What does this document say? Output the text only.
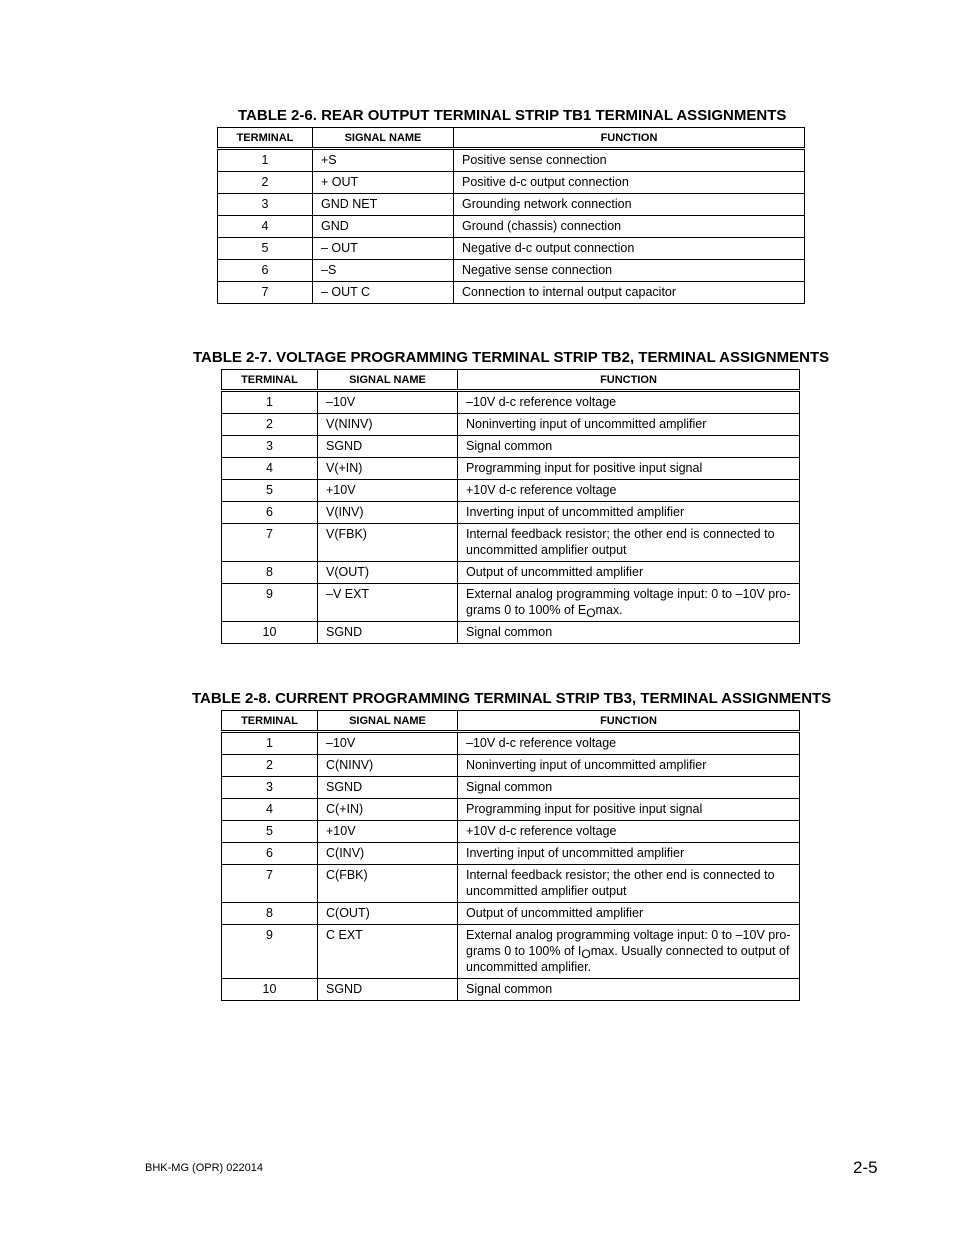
TABLE 2-6. REAR OUTPUT TERMINAL STRIP TB1 TERMINAL ASSIGNMENTS
TERMINAL	SIGNAL NAME	FUNCTION
1	+S	Positive sense connection
2	+ OUT	Positive d-c output connection
3	GND NET	Grounding network connection
4	GND	Ground (chassis) connection
5	– OUT	Negative d-c output connection
6	–S	Negative sense connection
7	– OUT C	Connection to internal output capacitor
TABLE 2-7. VOLTAGE PROGRAMMING TERMINAL STRIP TB2, TERMINAL ASSIGNMENTS
TERMINAL	SIGNAL NAME	FUNCTION
1	–10V	–10V d-c reference voltage
2	V(NINV)	Noninverting input of uncommitted amplifier
3	SGND	Signal common
4	V(+IN)	Programming input for positive input signal
5	+10V	+10V d-c reference voltage
6	V(INV)	Inverting input of uncommitted amplifier
7	V(FBK)	Internal feedback resistor; the other end is connected to uncommitted amplifier output
8	V(OUT)	Output of uncommitted amplifier
9	–V EXT	External analog programming voltage input: 0 to –10V pro-grams 0 to 100% of $E_O\max$.
10	SGND	Signal common
TABLE 2-8. CURRENT PROGRAMMING TERMINAL STRIP TB3, TERMINAL ASSIGNMENTS
TERMINAL	SIGNAL NAME	FUNCTION
1	–10V	–10V d-c reference voltage
2	C(NINV)	Noninverting input of uncommitted amplifier
3	SGND	Signal common
4	C(+IN)	Programming input for positive input signal
5	+10V	+10V d-c reference voltage
6	C(INV)	Inverting input of uncommitted amplifier
7	C(FBK)	Internal feedback resistor; the other end is connected to uncommitted amplifier output
8	C(OUT)	Output of uncommitted amplifier
9	C EXT	External analog programming voltage input: 0 to –10V pro-grams 0 to 100% of $I_O\max$. Usually connected to output of uncommitted amplifier.
10	SGND	Signal common
BHK-MG (OPR) 022014	2-5
